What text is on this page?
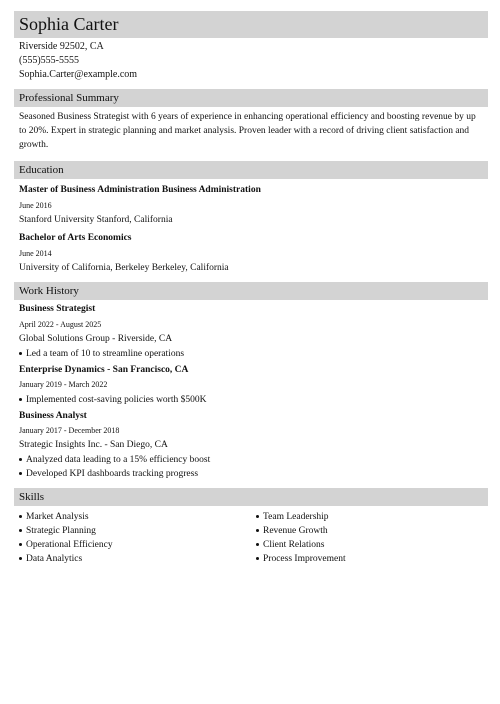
Sophia Carter
Riverside 92502, CA
(555)555-5555
Sophia.Carter@example.com
Professional Summary
Seasoned Business Strategist with 6 years of experience in enhancing operational efficiency and boosting revenue by up to 20%. Expert in strategic planning and market analysis. Proven leader with a record of driving client satisfaction and growth.
Education
Master of Business Administration Business Administration
June 2016
Stanford University Stanford, California
Bachelor of Arts Economics
June 2014
University of California, Berkeley Berkeley, California
Work History
Business Strategist
April 2022 - August 2025
Global Solutions Group - Riverside, CA
Led a team of 10 to streamline operations
Enterprise Dynamics - San Francisco, CA
January 2019 - March 2022
Implemented cost-saving policies worth $500K
Business Analyst
January 2017 - December 2018
Strategic Insights Inc. - San Diego, CA
Analyzed data leading to a 15% efficiency boost
Developed KPI dashboards tracking progress
Skills
Market Analysis
Strategic Planning
Operational Efficiency
Data Analytics
Team Leadership
Revenue Growth
Client Relations
Process Improvement
